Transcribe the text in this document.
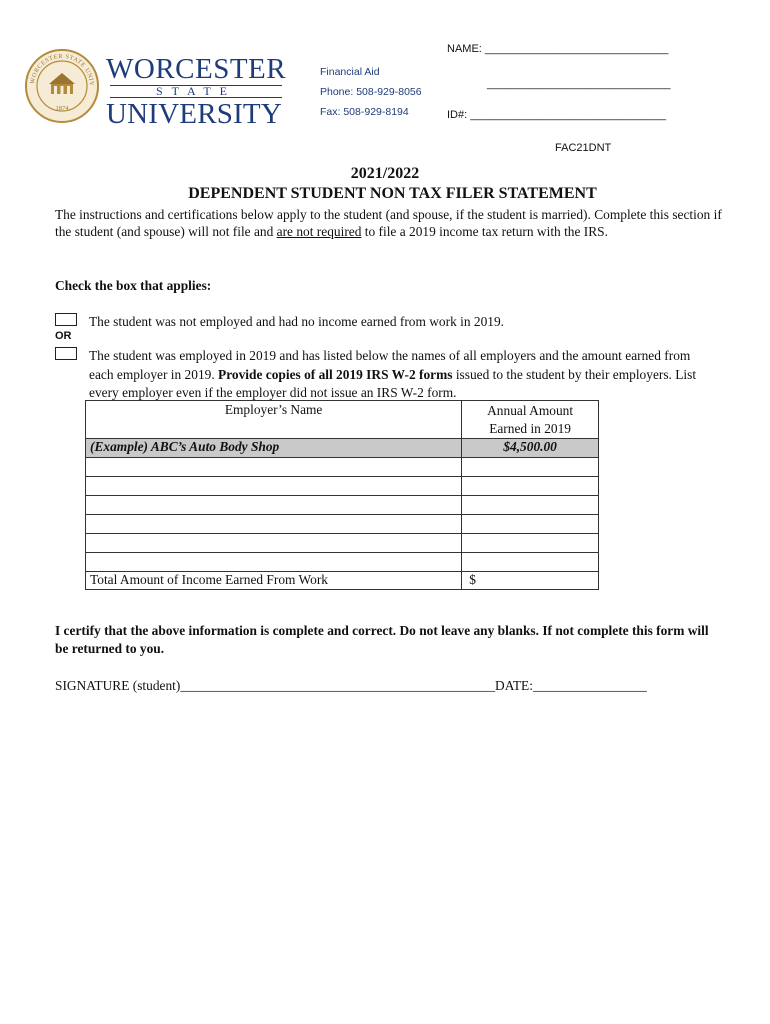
WORCESTER STATE UNIV
1874
WORCESTER
STATE
UNIVERSITY
Financial Aid
Phone: 508-929-8056
Fax: 508-929-8194
NAME: ______________________________
______________________________
ID#: ________________________________
FAC21DNT
2021/2022
DEPENDENT STUDENT NON TAX FILER STATEMENT
The instructions and certifications below apply to the student (and spouse, if the student is married). Complete this section if the student (and spouse) will not file and are not required to file a 2019 income tax return with the IRS.
Check the box that applies:
The student was not employed and had no income earned from work in 2019.
OR
The student was employed in 2019 and has listed below the names of all employers and the amount earned from each employer in 2019. Provide copies of all 2019 IRS W-2 forms issued to the student by their employers. List every employer even if the employer did not issue an IRS W-2 form.
Employer’s Name	Annual Amount
Earned in 2019
(Example) ABC’s Auto Body Shop	$4,500.00

Total Amount of Income Earned From Work	$
I certify that the above information is complete and correct. Do not leave any blanks. If not complete this form will be returned to you.
SIGNATURE (student)_______________________________________________DATE:_________________
